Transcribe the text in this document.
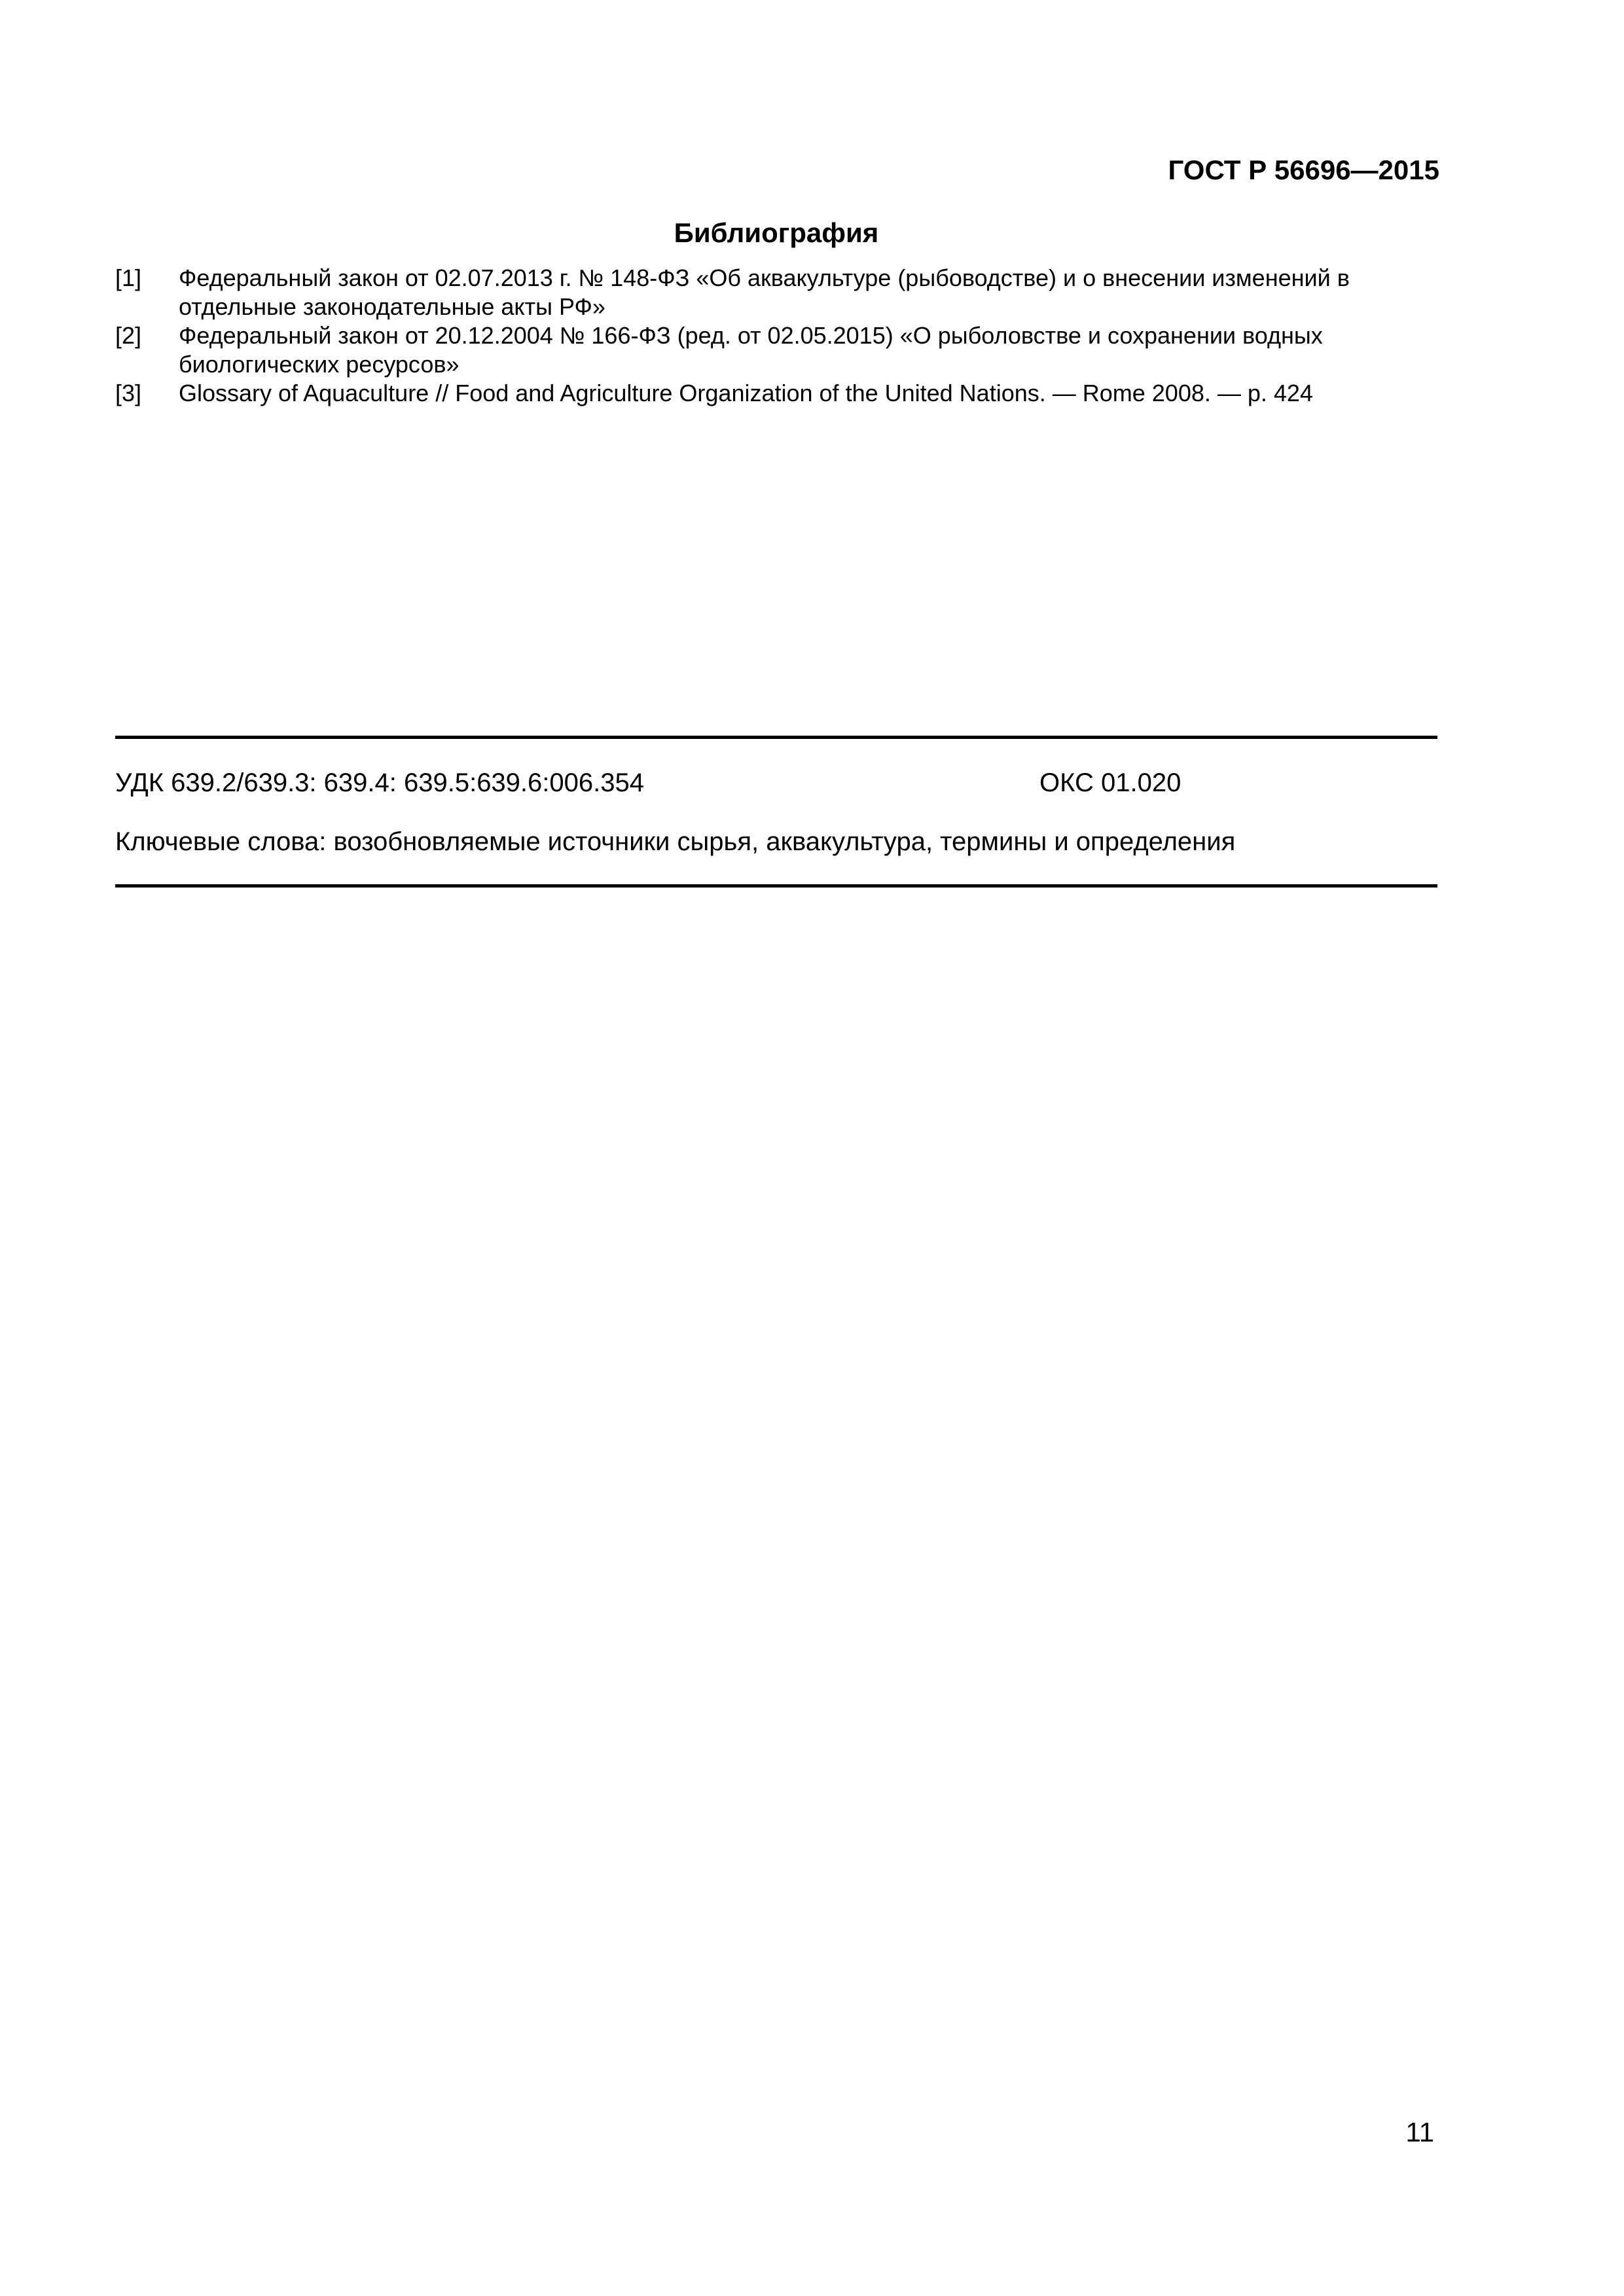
ГОСТ Р 56696—2015
Библиография
[1]	Федеральный закон от 02.07.2013 г. № 148-ФЗ «Об аквакультуре (рыбоводстве) и о внесении изменений в
отдельные законодательные акты РФ»
[2]	Федеральный закон от 20.12.2004 № 166-ФЗ (ред. от 02.05.2015) «О рыболовстве и сохранении водных
биологических ресурсов»
[3]	Glossary of Aquaculture // Food and Agriculture Organization of the United Nations. — Rome 2008. — p. 424
УДК 639.2/639.3: 639.4: 639.5:639.6:006.354	ОКС 01.020
Ключевые слова: возобновляемые источники сырья, аквакультура, термины и определения
11
